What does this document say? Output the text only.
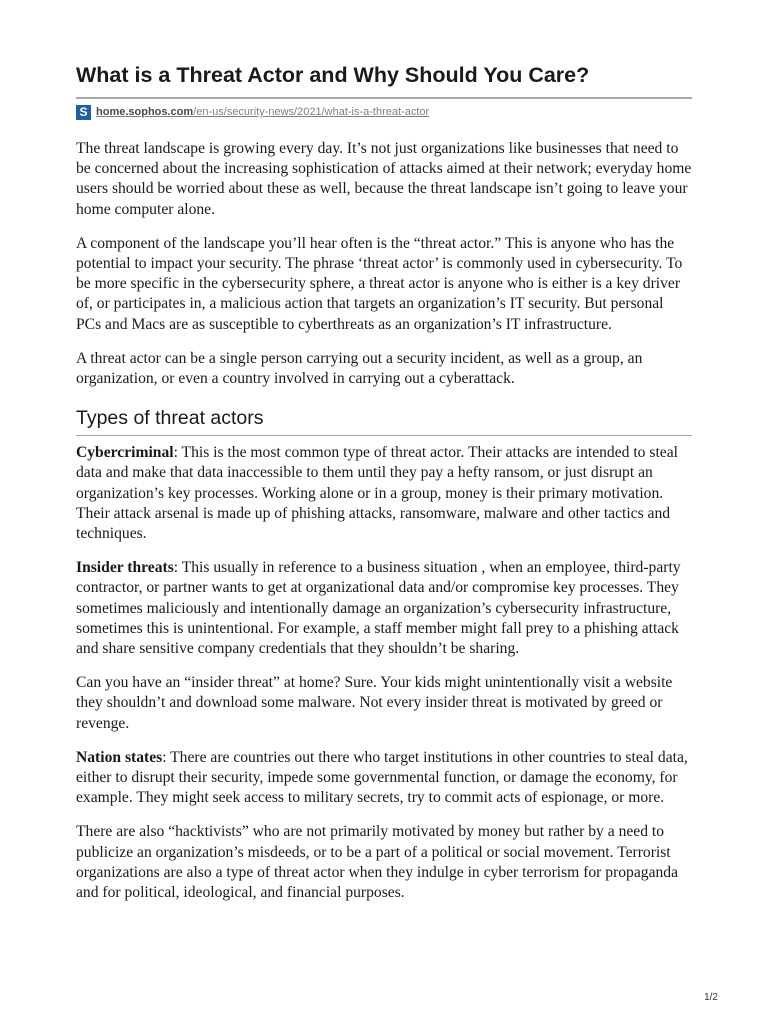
What is a Threat Actor and Why Should You Care?
S home.sophos.com/en-us/security-news/2021/what-is-a-threat-actor

The threat landscape is growing every day. It’s not just organizations like businesses that need to be concerned about the increasing sophistication of attacks aimed at their network; everyday home users should be worried about these as well, because the threat landscape isn’t going to leave your home computer alone.

A component of the landscape you’ll hear often is the “threat actor.” This is anyone who has the potential to impact your security. The phrase ‘threat actor’ is commonly used in cybersecurity. To be more specific in the cybersecurity sphere, a threat actor is anyone who is either is a key driver of, or participates in, a malicious action that targets an organization’s IT security. But personal PCs and Macs are as susceptible to cyberthreats as an organization’s IT infrastructure.

A threat actor can be a single person carrying out a security incident, as well as a group, an organization, or even a country involved in carrying out a cyberattack.

Types of threat actors

Cybercriminal: This is the most common type of threat actor. Their attacks are intended to steal data and make that data inaccessible to them until they pay a hefty ransom, or just disrupt an organization’s key processes. Working alone or in a group, money is their primary motivation. Their attack arsenal is made up of phishing attacks, ransomware, malware and other tactics and techniques.

Insider threats: This usually in reference to a business situation , when an employee, third-party contractor, or partner wants to get at organizational data and/or compromise key processes. They sometimes maliciously and intentionally damage an organization’s cybersecurity infrastructure, sometimes this is unintentional. For example, a staff member might fall prey to a phishing attack and share sensitive company credentials that they shouldn’t be sharing.

Can you have an “insider threat” at home? Sure. Your kids might unintentionally visit a website they shouldn’t and download some malware. Not every insider threat is motivated by greed or revenge.

Nation states: There are countries out there who target institutions in other countries to steal data, either to disrupt their security, impede some governmental function, or damage the economy, for example. They might seek access to military secrets, try to commit acts of espionage, or more.

There are also “hacktivists” who are not primarily motivated by money but rather by a need to publicize an organization’s misdeeds, or to be a part of a political or social movement. Terrorist organizations are also a type of threat actor when they indulge in cyber terrorism for propaganda and for political, ideological, and financial purposes.

1/2
